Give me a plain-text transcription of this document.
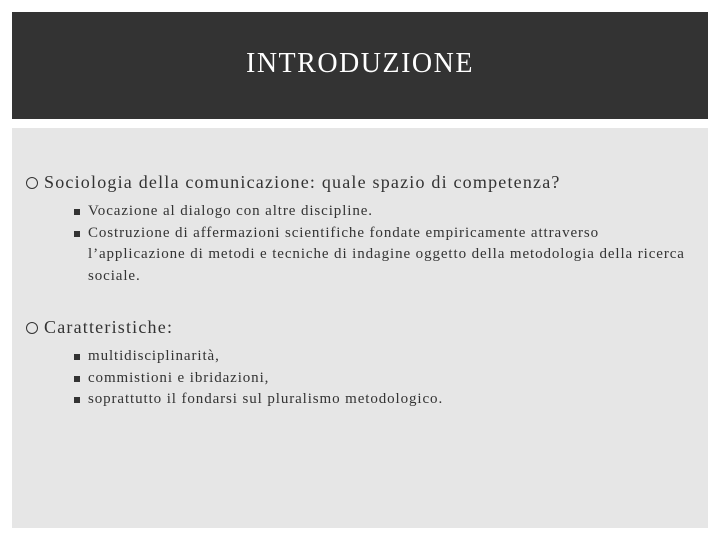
INTRODUZIONE
Sociologia della comunicazione: quale spazio di competenza?
Vocazione al dialogo con altre discipline.
Costruzione di affermazioni scientifiche fondate empiricamente attraverso l’applicazione di metodi e tecniche di indagine oggetto della metodologia della ricerca sociale.
Caratteristiche:
multidisciplinarità,
commistioni e ibridazioni,
soprattutto il fondarsi sul pluralismo metodologico.
